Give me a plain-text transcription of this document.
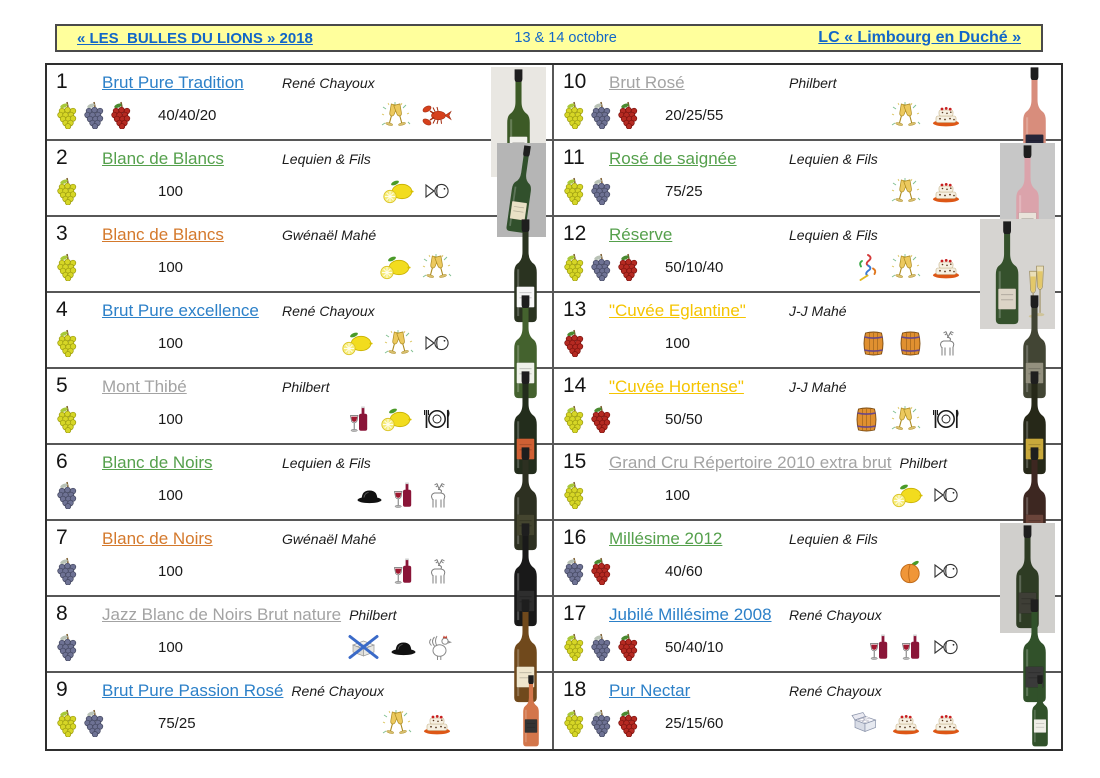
« LES  BULLES DU LIONS » 2018	13 & 14 octobre	LC « Limbourg en Duché »
1	Brut Pure Tradition	René Chayoux
40/40/20
2	Blanc de Blancs	Lequien & Fils
100
3	Blanc de Blancs	Gwénaël Mahé
100
4	Brut Pure excellence	René Chayoux
100
5	Mont Thibé	Philbert
100
6	Blanc de Noirs	Lequien & Fils
100
7	Blanc de Noirs	Gwénaël Mahé
100
8	Jazz Blanc de Noirs Brut nature Philbert
100
9	Brut Pure Passion Rosé René Chayoux
75/25
10	Brut Rosé	Philbert
20/25/55
11	Rosé de saignée	Lequien & Fils
75/25
12	Réserve	Lequien & Fils
50/10/40
13	"Cuvée Eglantine"	J-J Mahé
100
14	"Cuvée Hortense"	J-J Mahé
50/50
15	Grand Cru Répertoire 2010 extra brut Philbert
100
16	Millésime 2012	Lequien & Fils
40/60
17	Jubilé Millésime 2008	René Chayoux
50/40/10
18	Pur Nectar	René Chayoux
25/15/60
